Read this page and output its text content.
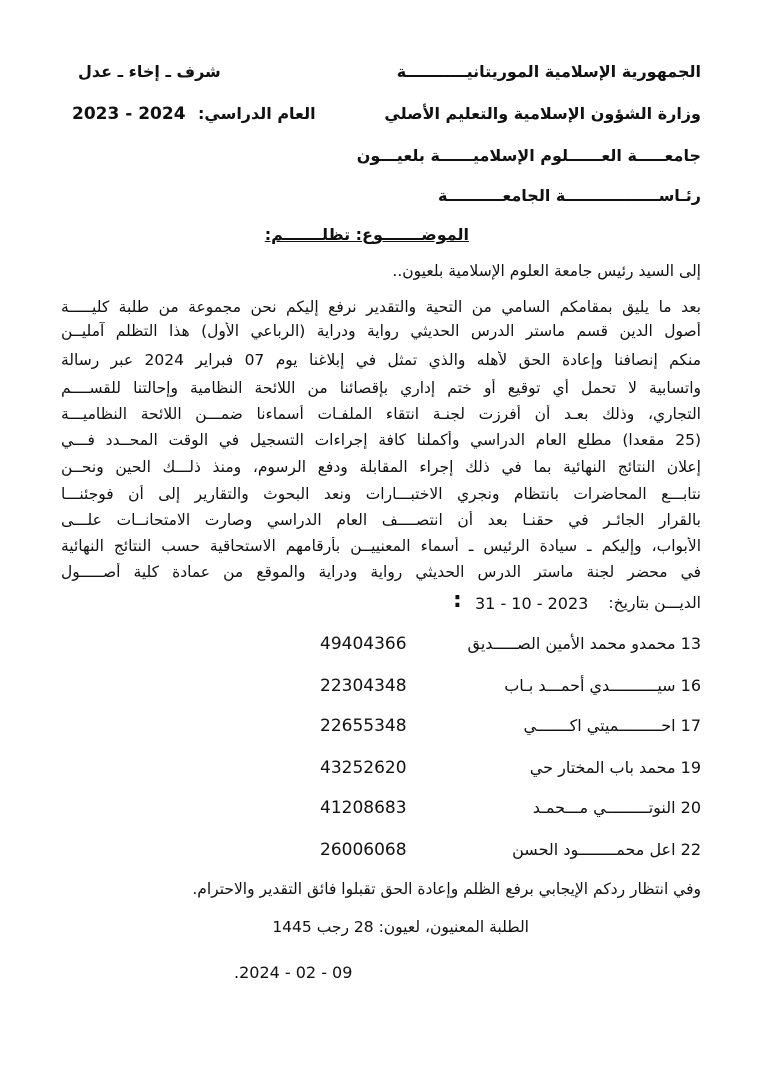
الجمهورية الإسلامية الموريتانيـــــــــــة
شرف ـ إخاء ـ عدل
وزارة الشؤون الإسلامية والتعليم الأصلي
العام الدراسي:
2023 - 2024
جامعـــــة العــــــلوم الإسلاميــــــة بلعيـــون
رئـاســـــــــــــــــة الجامعــــــــــة
الموضـــــــوع: تظلـــــــم:
إلى السيد رئيس جامعة العلوم الإسلامية بلعيون..
بعد ما يليق بمقامكم السامي من التحية والتقدير نرفع إليكم نحن مجموعة من طلبة كليـــــة
أصول الدين قسم ماستر الدرس الحديثي رواية ودراية (الرباعي الأول) هذا التظلم آمليــن
منكم إنصافنا وإعادة الحق لأهله والذي تمثل في إبلاغنا يوم 07 فبراير 2024 عبر رسالة
واتسابية لا تحمل أي توقيع أو ختم إداري بإقصائنا من اللائحة النظامية وإحالتنا للقســــم
التجاري، وذلك بعـد أن أفرزت لجنـة انتقاء الملفـات أسماءنا ضمـــن اللائحة النظاميـــة
(25 مقعدا) مطلع العام الدراسي وأكملنا كافة إجراءات التسجيل في الوقت المحــدد فـــي
إعلان النتائج النهائية بما في ذلك إجراء المقابلة ودفع الرسوم، ومنذ ذلـــك الحين ونحــن
نتابـــع المحاضرات بانتظام ونجري الاختبـــارات ونعد البحوث والتقارير إلى أن فوجئنـــا
بالقرار الجائـر في حقنـا بعد أن انتصــــف العام الدراسي وصارت الامتحانــات علـــى
الأبواب، وإليكم ـ سيادة الرئيس ـ أسماء المعنييــن بأرقامهم الاستحاقية حسب النتائج النهائية
في محضر لجنة ماستر الدرس الحديثي رواية ودراية والموقع من عمادة كلية أصـــــول
الديـــن بتاريخ:
31 - 10 - 2023
:
13 محمدو محمد الأمين الصـــــديق
49404366
16 سيــــــــــدي أحمـــد بـاب
22304348
17 احـــــــــميتي اكـــــــي
22655348
19 محمد باب المختار حي
43252620
20 النوتـــــــــي مـــحمـد
41208683
22 اعل محمــــــــود الحسن
26006068
وفي انتظار ردكم الإيجابي برفع الظلم وإعادة الحق تقبلوا فائق التقدير والاحترام.
الطلبة المعنيون، لعيون: 28 رجب 1445
.2024 - 02 - 09
